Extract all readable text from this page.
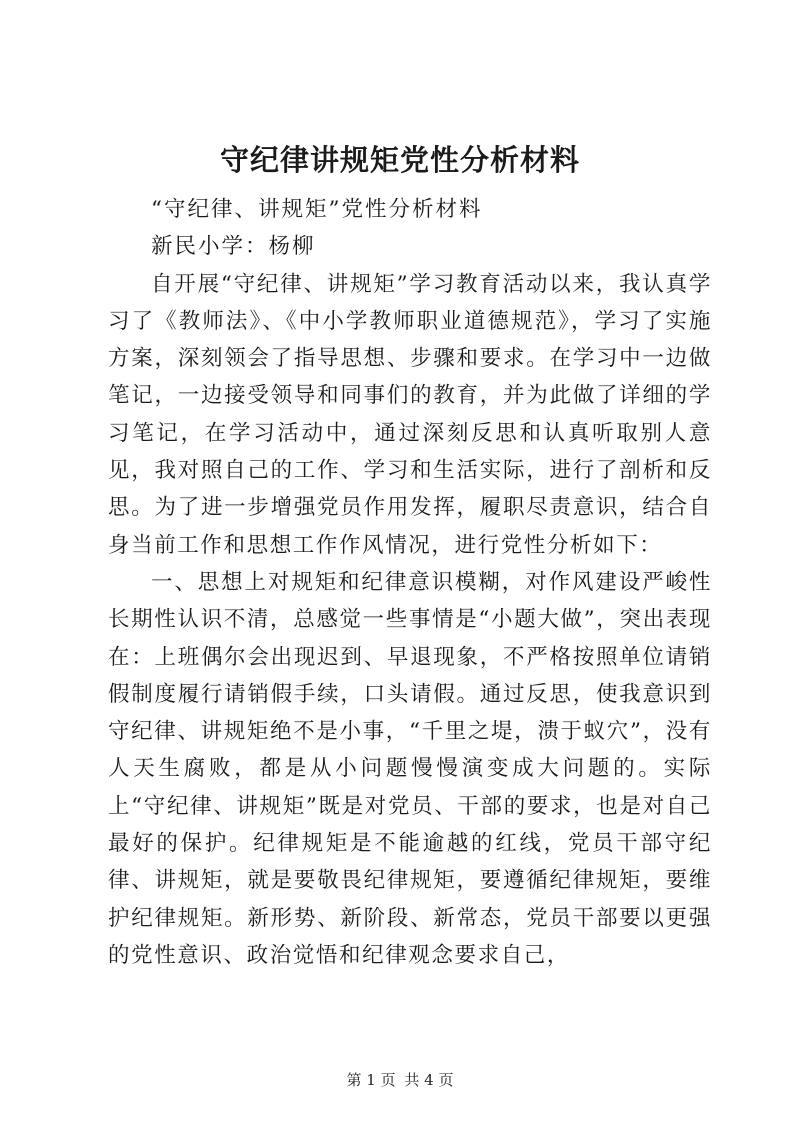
守纪律讲规矩党性分析材料

“守纪律、讲规矩”党性分析材料

新民小学：杨柳

自开展“守纪律、讲规矩”学习教育活动以来，我认真学习了《教师法》、《中小学教师职业道德规范》，学习了实施方案，深刻领会了指导思想、步骤和要求。在学习中一边做笔记，一边接受领导和同事们的教育，并为此做了详细的学习笔记，在学习活动中，通过深刻反思和认真听取别人意见，我对照自己的工作、学习和生活实际，进行了剖析和反思。为了进一步增强党员作用发挥，履职尽责意识，结合自身当前工作和思想工作作风情况，进行党性分析如下：

一、思想上对规矩和纪律意识模糊，对作风建设严峻性长期性认识不清，总感觉一些事情是“小题大做”，突出表现在：上班偶尔会出现迟到、早退现象，不严格按照单位请销假制度履行请销假手续，口头请假。通过反思，使我意识到守纪律、讲规矩绝不是小事，“千里之堤，溃于蚁穴”，没有人天生腐败，都是从小问题慢慢演变成大问题的。实际上“守纪律、讲规矩”既是对党员、干部的要求，也是对自己最好的保护。纪律规矩是不能逾越的红线，党员干部守纪律、讲规矩，就是要敬畏纪律规矩，要遵循纪律规矩，要维护纪律规矩。新形势、新阶段、新常态，党员干部要以更强的党性意识、政治觉悟和纪律观念要求自己，

第 1 页 共 4 页
